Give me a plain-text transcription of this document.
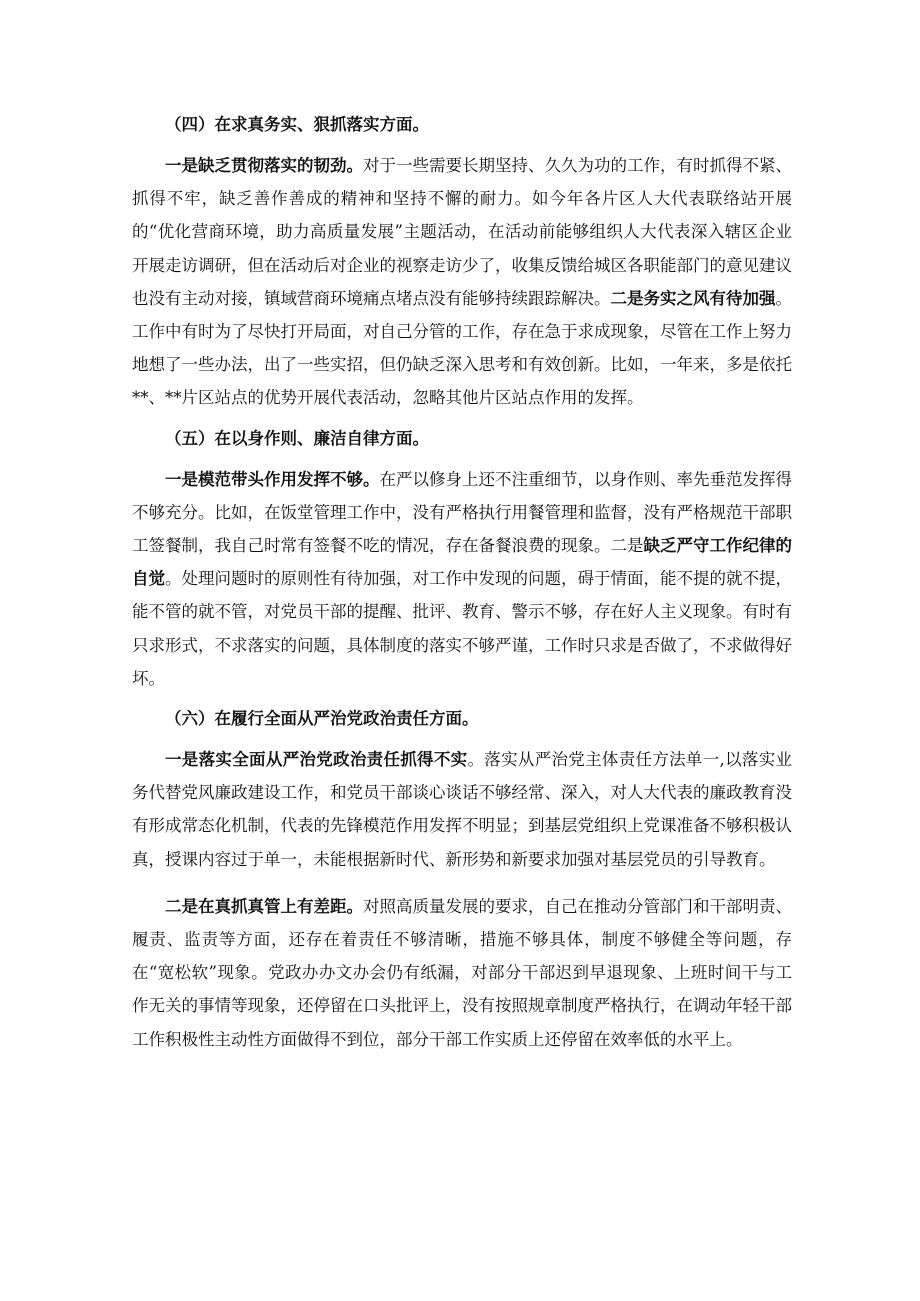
（四）在求真务实、狠抓落实方面。

一是缺乏贯彻落实的韧劲。对于一些需要长期坚持、久久为功的工作，有时抓得不紧、抓得不牢，缺乏善作善成的精神和坚持不懈的耐力。如今年各片区人大代表联络站开展的“优化营商环境，助力高质量发展”主题活动，在活动前能够组织人大代表深入辖区企业开展走访调研，但在活动后对企业的视察走访少了，收集反馈给城区各职能部门的意见建议也没有主动对接，镇域营商环境痛点堵点没有能够持续跟踪解决。二是务实之风有待加强。工作中有时为了尽快打开局面，对自己分管的工作，存在急于求成现象，尽管在工作上努力地想了一些办法，出了一些实招，但仍缺乏深入思考和有效创新。比如，一年来，多是依托**、**片区站点的优势开展代表活动，忽略其他片区站点作用的发挥。

（五）在以身作则、廉洁自律方面。

一是模范带头作用发挥不够。在严以修身上还不注重细节，以身作则、率先垂范发挥得不够充分。比如，在饭堂管理工作中，没有严格执行用餐管理和监督，没有严格规范干部职工签餐制，我自己时常有签餐不吃的情况，存在备餐浪费的现象。二是缺乏严守工作纪律的自觉。处理问题时的原则性有待加强，对工作中发现的问题，碍于情面，能不提的就不提，能不管的就不管，对党员干部的提醒、批评、教育、警示不够，存在好人主义现象。有时有只求形式，不求落实的问题，具体制度的落实不够严谨，工作时只求是否做了，不求做得好坏。

（六）在履行全面从严治党政治责任方面。

一是落实全面从严治党政治责任抓得不实。落实从严治党主体责任方法单一,以落实业务代替党风廉政建设工作，和党员干部谈心谈话不够经常、深入，对人大代表的廉政教育没有形成常态化机制，代表的先锋模范作用发挥不明显；到基层党组织上党课准备不够积极认真，授课内容过于单一，未能根据新时代、新形势和新要求加强对基层党员的引导教育。

二是在真抓真管上有差距。对照高质量发展的要求，自己在推动分管部门和干部明责、履责、监责等方面，还存在着责任不够清晰，措施不够具体，制度不够健全等问题，存在“宽松软”现象。党政办办文办会仍有纸漏，对部分干部迟到早退现象、上班时间干与工作无关的事情等现象，还停留在口头批评上，没有按照规章制度严格执行，在调动年轻干部工作积极性主动性方面做得不到位，部分干部工作实质上还停留在效率低的水平上。
